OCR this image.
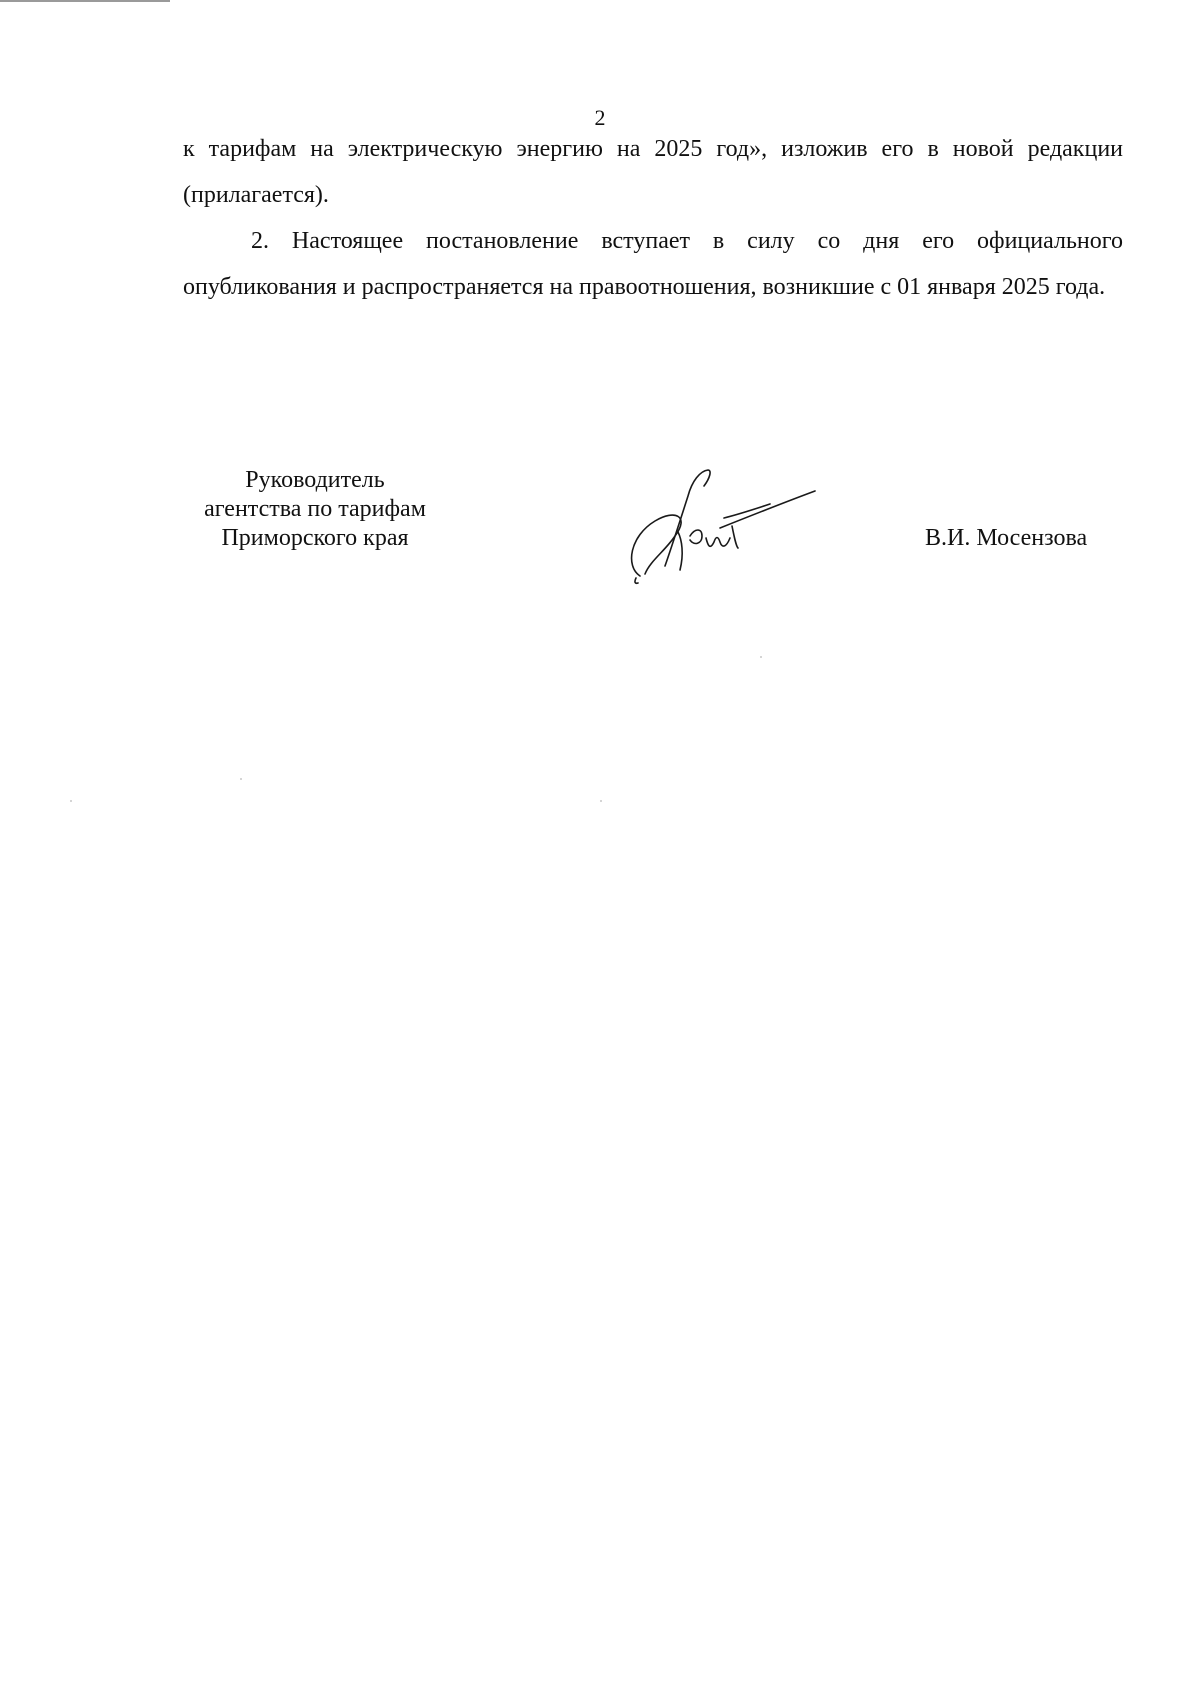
2

к тарифам на электрическую энергию на 2025 год», изложив его в новой редакции (прилагается).

2. Настоящее постановление вступает в силу со дня его официального опубликования и распространяется на правоотношения, возникшие с 01 января 2025 года.

Руководитель
агентства по тарифам
Приморского края	В.И. Мосензова
